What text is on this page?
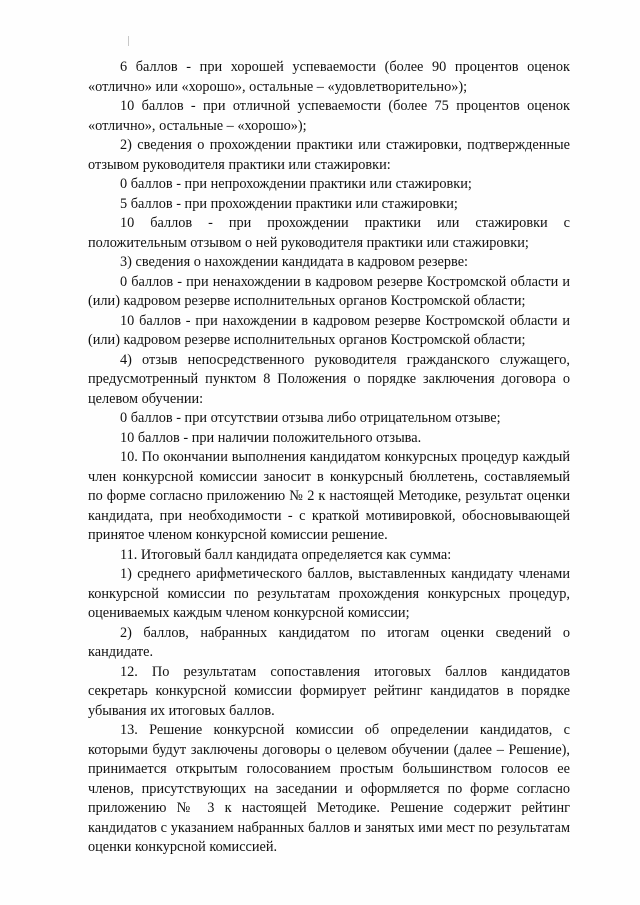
6 баллов - при хорошей успеваемости (более 90 процентов оценок «отлично» или «хорошо», остальные – «удовлетворительно»);

10 баллов - при отличной успеваемости (более 75 процентов оценок «отлично», остальные – «хорошо»);

2) сведения о прохождении практики или стажировки, подтвержденные отзывом руководителя практики или стажировки:

0 баллов - при непрохождении практики или стажировки;

5 баллов - при прохождении практики или стажировки;

10 баллов - при прохождении практики или стажировки с положительным отзывом о ней руководителя практики или стажировки;

3) сведения о нахождении кандидата в кадровом резерве:

0 баллов - при ненахождении в кадровом резерве Костромской области и (или) кадровом резерве исполнительных органов Костромской области;

10 баллов - при нахождении в кадровом резерве Костромской области и (или) кадровом резерве исполнительных органов Костромской области;

4) отзыв непосредственного руководителя гражданского служащего, предусмотренный пунктом 8 Положения о порядке заключения договора о целевом обучении:

0 баллов - при отсутствии отзыва либо отрицательном отзыве;

10 баллов - при наличии положительного отзыва.

10. По окончании выполнения кандидатом конкурсных процедур каждый член конкурсной комиссии заносит в конкурсный бюллетень, составляемый по форме согласно приложению № 2 к настоящей Методике, результат оценки кандидата, при необходимости - с краткой мотивировкой, обосновывающей принятое членом конкурсной комиссии решение.

11. Итоговый балл кандидата определяется как сумма:

1) среднего арифметического баллов, выставленных кандидату членами конкурсной комиссии по результатам прохождения конкурсных процедур, оцениваемых каждым членом конкурсной комиссии;

2) баллов, набранных кандидатом по итогам оценки сведений о кандидате.

12. По результатам сопоставления итоговых баллов кандидатов секретарь конкурсной комиссии формирует рейтинг кандидатов в порядке убывания их итоговых баллов.

13. Решение конкурсной комиссии об определении кандидатов, с которыми будут заключены договоры о целевом обучении (далее – Решение), принимается открытым голосованием простым большинством голосов ее членов, присутствующих на заседании и оформляется по форме согласно приложению № 3 к настоящей Методике. Решение содержит рейтинг кандидатов с указанием набранных баллов и занятых ими мест по результатам оценки конкурсной комиссией.
